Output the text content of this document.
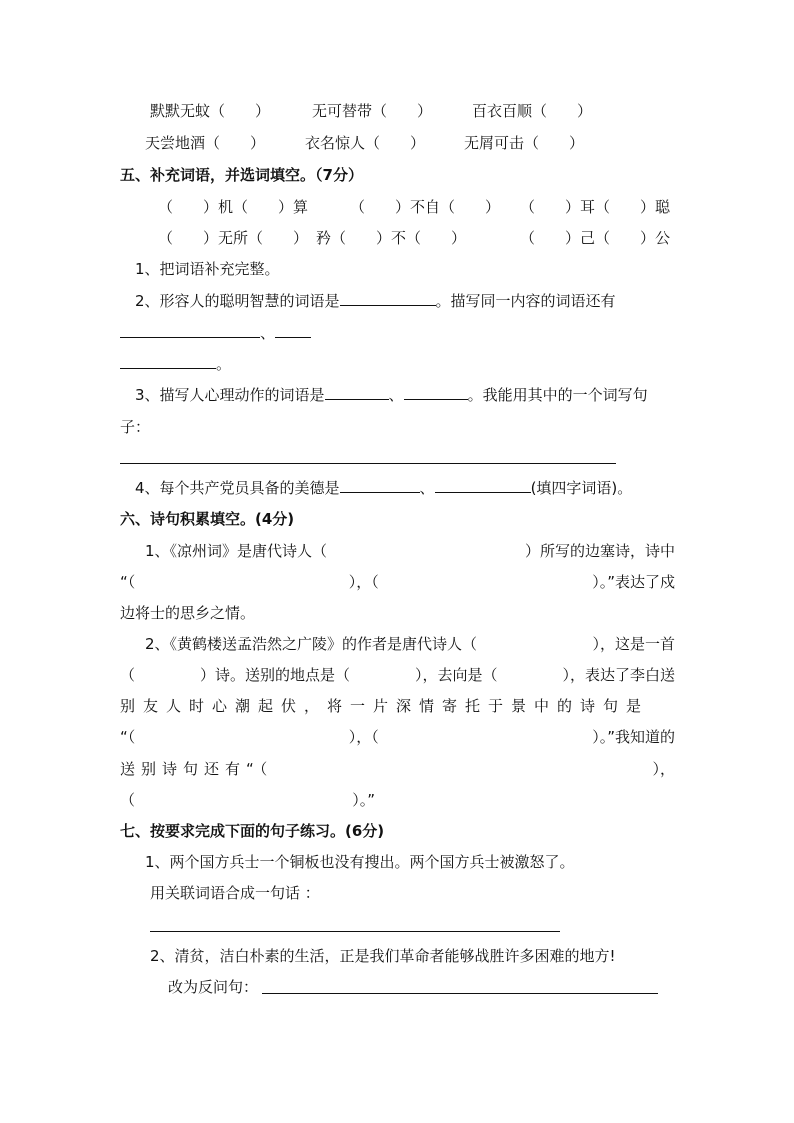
默默无蚊（　　）	无可替带（　　）	百衣百顺（　　）
天尝地酒（　　）	衣名惊人（　　）	无屑可击（　　）
五、补充词语，并选词填空。（7分）
（　　）机（　　）算	（　　）不自（　　） （　　）耳（　　）聪
（　　）无所（　　） 矜（　　）不（　　）	（　　）己（　　）公
1、把词语补充完整。
2、形容人的聪明智慧的词语是	。描写同一内容的词语还有
、
。
3、描写人心理动作的词语是	、	。我能用其中的一个词写句
子：
4、每个共产党员具备的美德是	、	(填四字词语)。
六、诗句积累填空。(4分)
1、《凉州词》是唐代诗人（	）所写的边塞诗，诗中
“（	），（	）。”表达了戍
边将士的思乡之情。
2、《黄鹤楼送孟浩然之广陵》的作者是唐代诗人（	），这是一首
（	）诗。送别的地点是（	），去向是（	），表达了李白送
别友人时心潮起伏，将一片深情寄托于景中的诗句是
“（	），（	）。”我知道的
送别诗句还有“（	），
（	）。”
七、按要求完成下面的句子练习。(6分)
1、两个国方兵士一个铜板也没有搜出。两个国方兵士被激怒了。
用关联词语合成一句话 ：
2、清贫，洁白朴素的生活，正是我们革命者能够战胜许多困难的地方!
改为反问句：
